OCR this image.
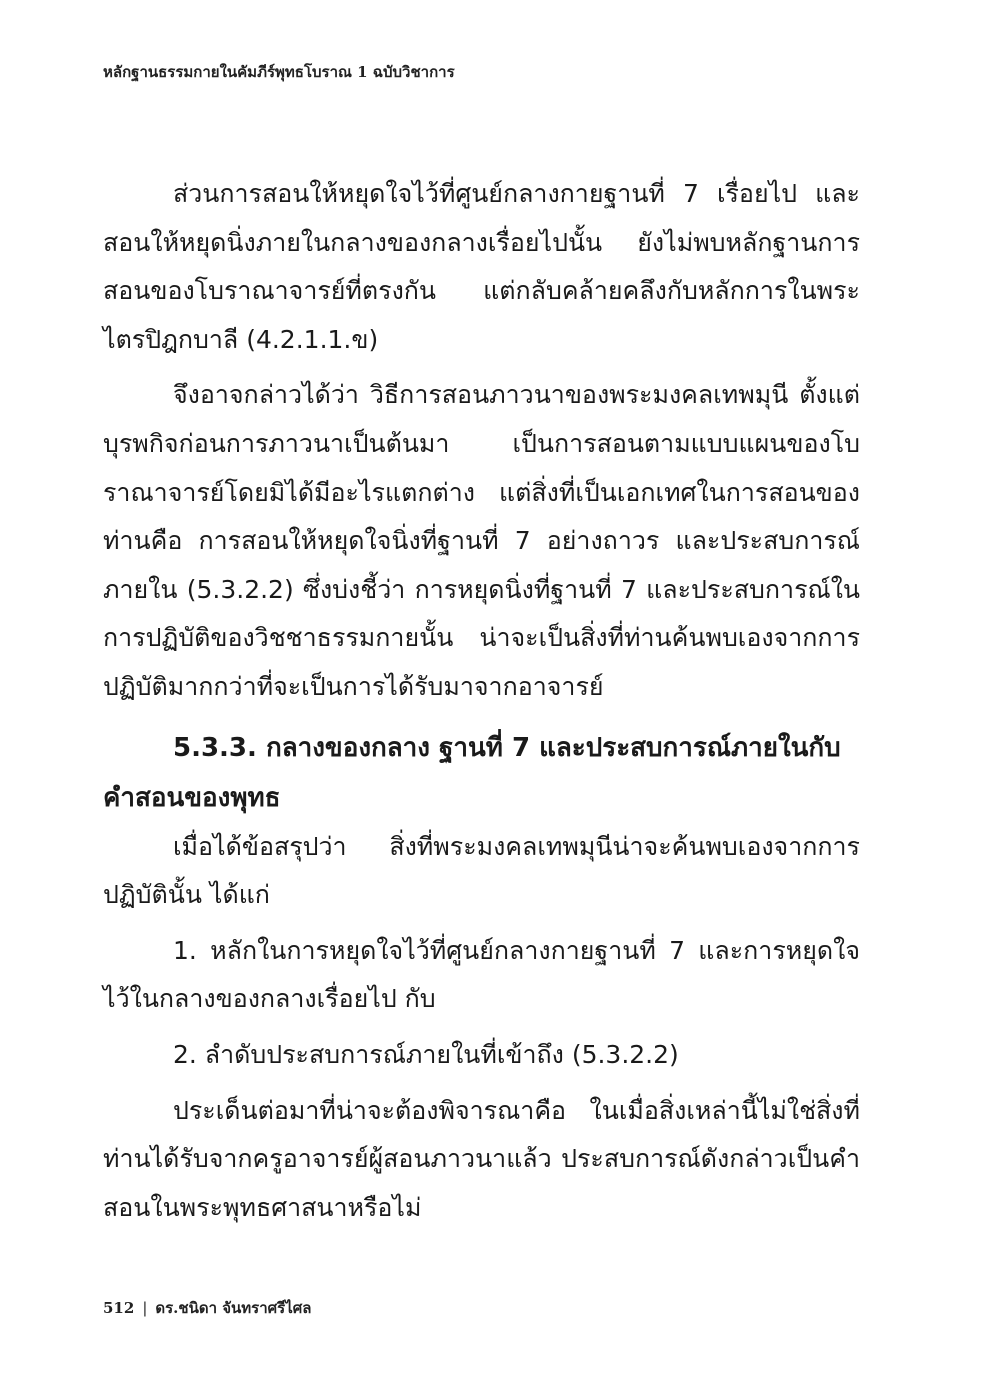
หลักฐานธรรมกายในคัมภีร์พุทธโบราณ 1 ฉบับวิชาการ

ส่วนการสอนให้หยุดใจไว้ที่ศูนย์กลางกายฐานที่ 7 เรื่อยไป และสอนให้หยุดนิ่งภายในกลางของกลางเรื่อยไปนั้น ยังไม่พบหลักฐานการสอนของโบราณาจารย์ที่ตรงกัน แต่กลับคล้ายคลึงกับหลักการในพระไตรปิฎกบาลี (4.2.1.1.ข)

จึงอาจกล่าวได้ว่า วิธีการสอนภาวนาของพระมงคลเทพมุนี ตั้งแต่บุรพกิจก่อนการภาวนาเป็นต้นมา เป็นการสอนตามแบบแผนของโบราณาจารย์โดยมิได้มีอะไรแตกต่าง แต่สิ่งที่เป็นเอกเทศในการสอนของท่านคือ การสอนให้หยุดใจนิ่งที่ฐานที่ 7 อย่างถาวร และประสบการณ์ภายใน (5.3.2.2) ซึ่งบ่งชี้ว่า การหยุดนิ่งที่ฐานที่ 7 และประสบการณ์ในการปฏิบัติของวิชชาธรรมกายนั้น น่าจะเป็นสิ่งที่ท่านค้นพบเองจากการปฏิบัติมากกว่าที่จะเป็นการได้รับมาจากอาจารย์

5.3.3. กลางของกลาง ฐานที่ 7 และประสบการณ์ภายในกับคำสอนของพุทธ

เมื่อได้ข้อสรุปว่า สิ่งที่พระมงคลเทพมุนีน่าจะค้นพบเองจากการปฏิบัตินั้น ได้แก่

1. หลักในการหยุดใจไว้ที่ศูนย์กลางกายฐานที่ 7 และการหยุดใจไว้ในกลางของกลางเรื่อยไป กับ

2. ลำดับประสบการณ์ภายในที่เข้าถึง (5.3.2.2)

ประเด็นต่อมาที่น่าจะต้องพิจารณาคือ ในเมื่อสิ่งเหล่านี้ไม่ใช่สิ่งที่ท่านได้รับจากครูอาจารย์ผู้สอนภาวนาแล้ว ประสบการณ์ดังกล่าวเป็นคำสอนในพระพุทธศาสนาหรือไม่

512 | ดร.ชนิดา จันทราศรีไศล
